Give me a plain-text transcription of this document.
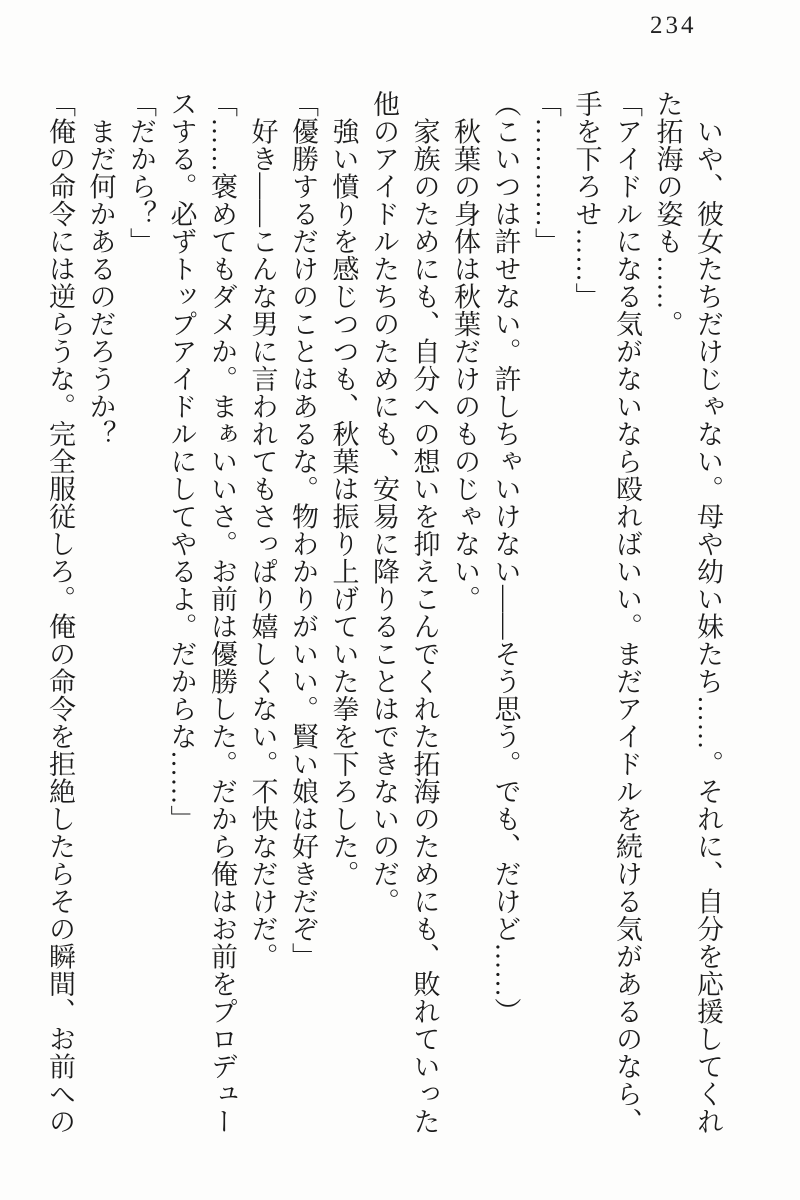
234
　いや、彼女たちだけじゃない。母や幼い妹たち……。それに、自分を応援してくれ
た拓海の姿も……。
「アイドルになる気がないなら殴ればいい。まだアイドルを続ける気があるのなら、
手を下ろせ……」
「…………」
（こいつは許せない。許しちゃいけない――そう思う。でも、だけど……）
　秋葉の身体は秋葉だけのものじゃない。
　家族のためにも、自分への想いを抑えこんでくれた拓海のためにも、敗れていった
他のアイドルたちのためにも、安易に降りることはできないのだ。
　強い憤りを感じつつも、秋葉は振り上げていた拳を下ろした。
「優勝するだけのことはあるな。物わかりがいい。賢い娘は好きだぞ」
　好き――こんな男に言われてもさっぱり嬉しくない。不快なだけだ。
「……褒めてもダメか。まぁいいさ。お前は優勝した。だから俺はお前をプロデュー
スする。必ずトップアイドルにしてやるよ。だからな……」
「だから？」
　まだ何かあるのだろうか？
「俺の命令には逆らうな。完全服従しろ。俺の命令を拒絶したらその瞬間、お前への
